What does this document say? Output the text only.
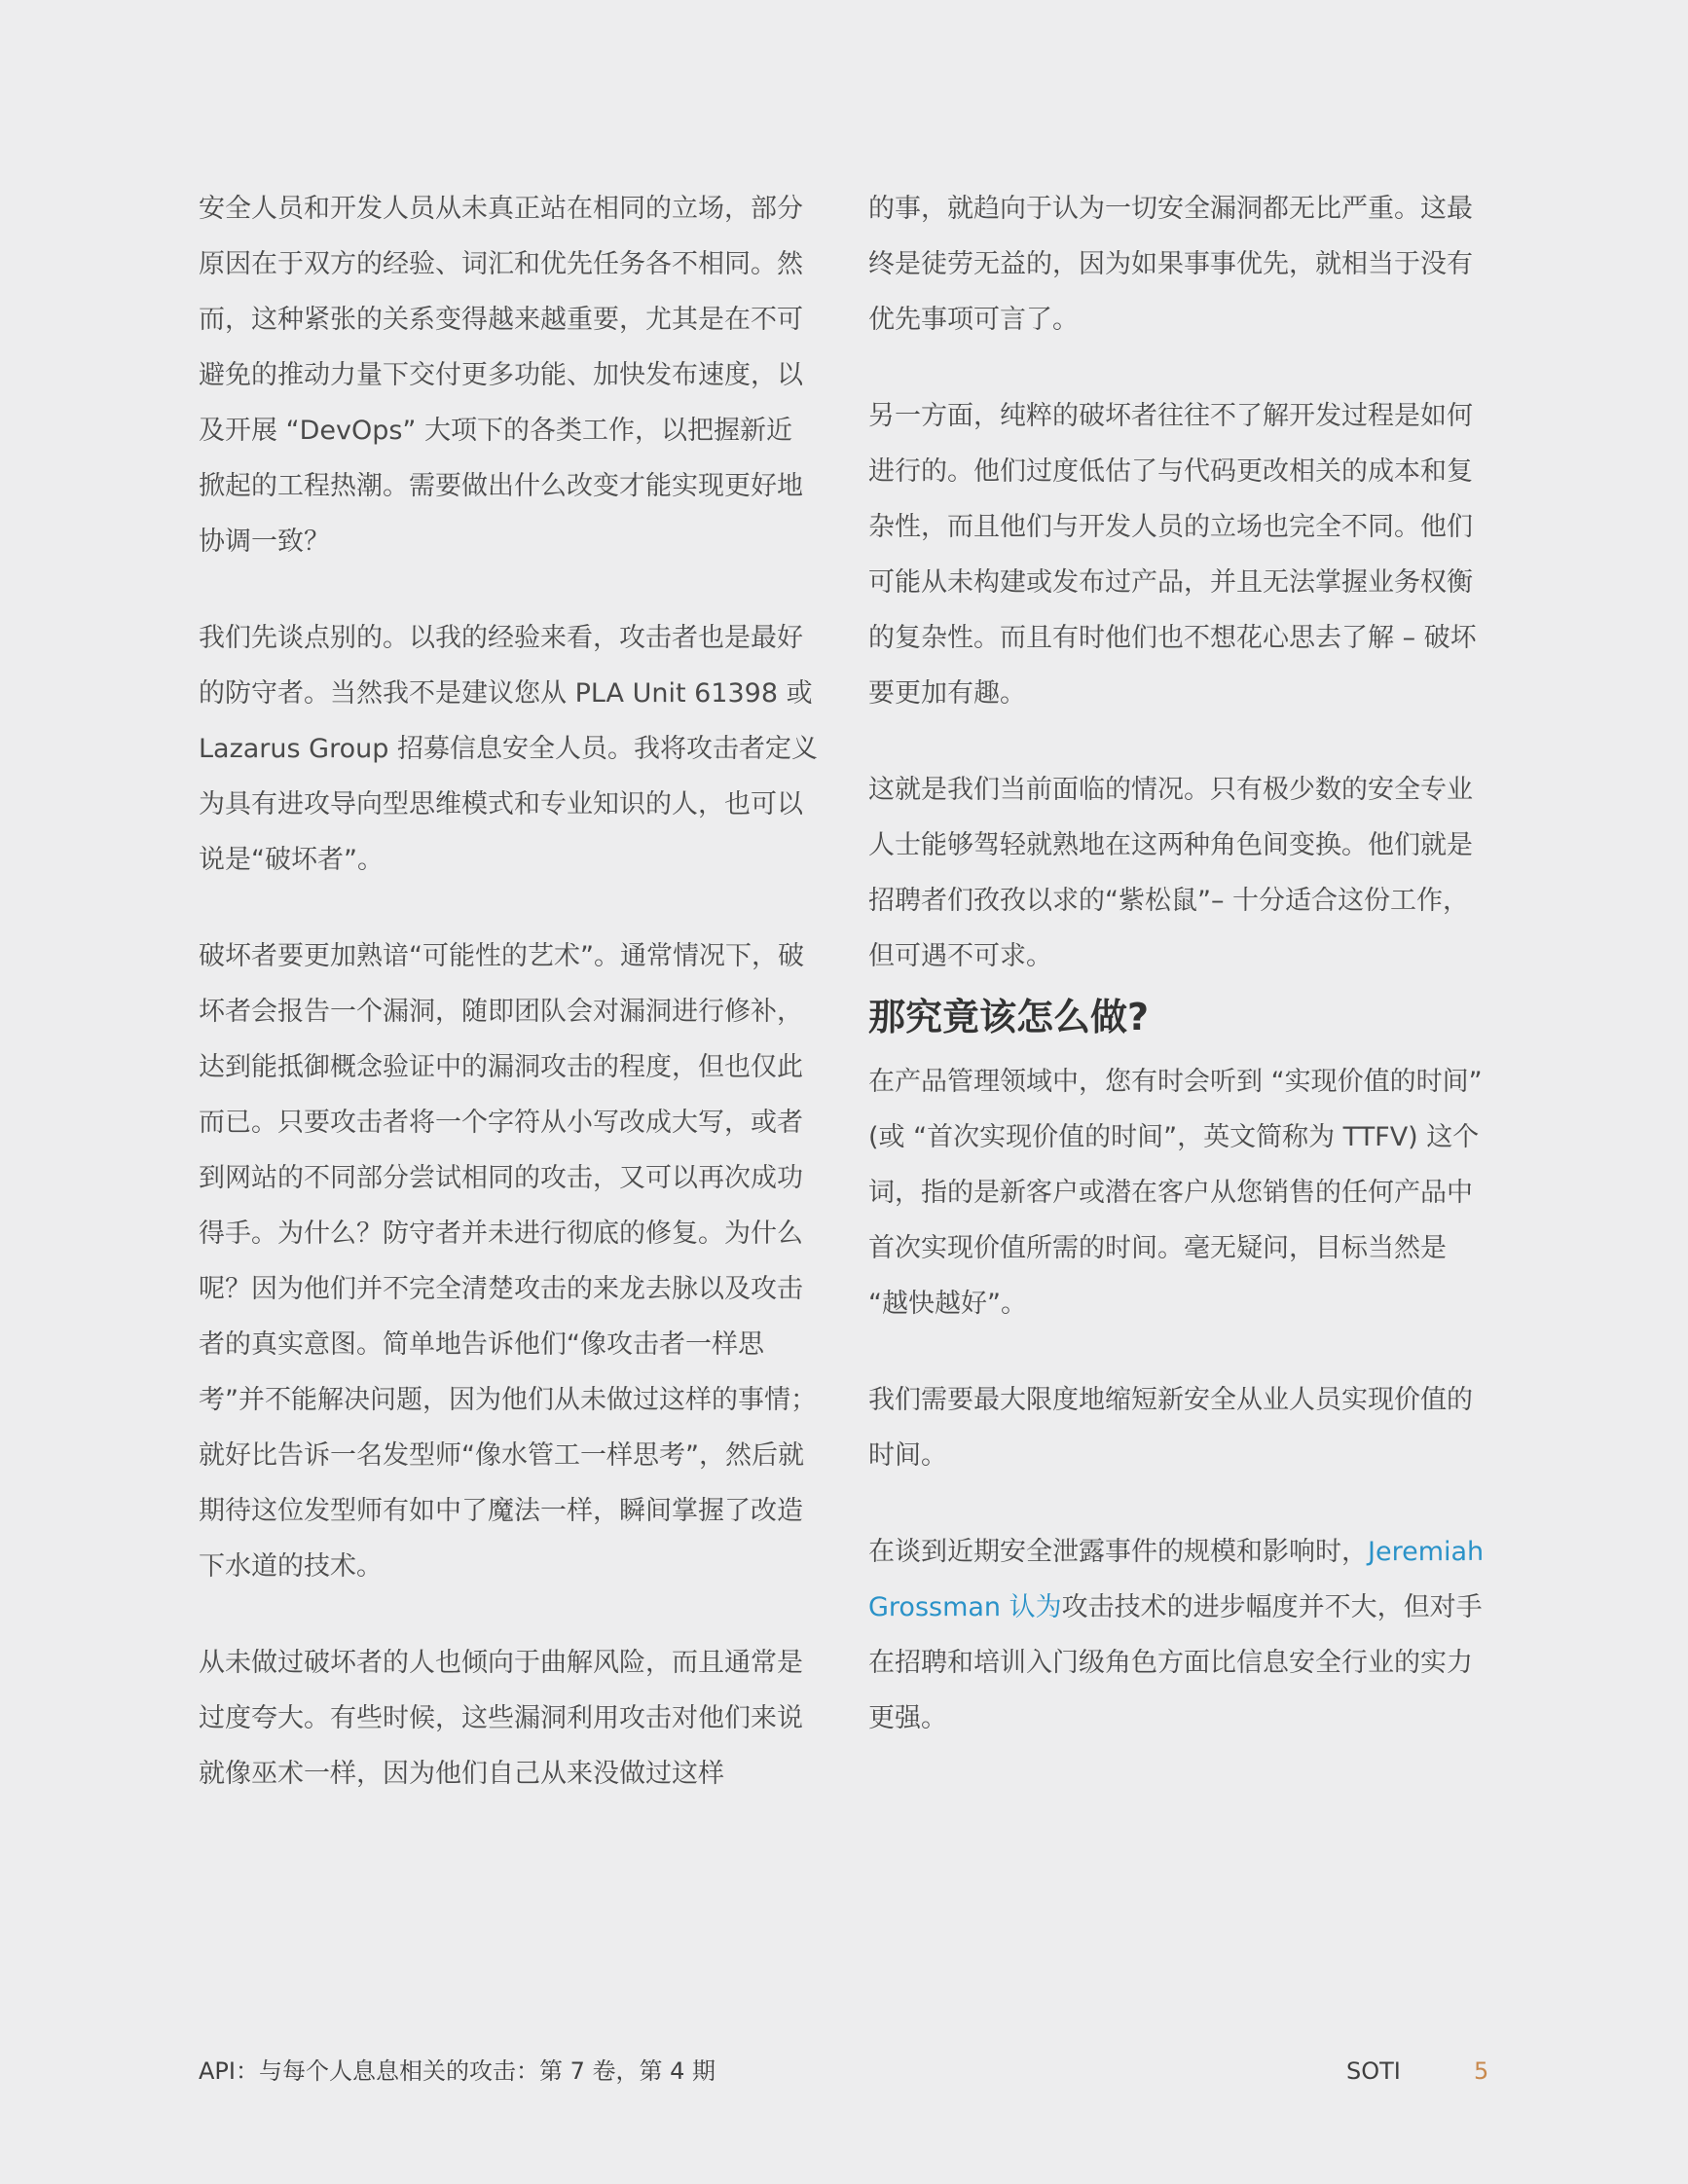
安全人员和开发人员从未真正站在相同的立场，部分原因在于双方的经验、词汇和优先任务各不相同。然而，这种紧张的关系变得越来越重要，尤其是在不可避免的推动力量下交付更多功能、加快发布速度，以及开展 “DevOps” 大项下的各类工作，以把握新近掀起的工程热潮。需要做出什么改变才能实现更好地协调一致？

我们先谈点别的。以我的经验来看，攻击者也是最好的防守者。当然我不是建议您从 PLA Unit 61398 或 Lazarus Group 招募信息安全人员。我将攻击者定义为具有进攻导向型思维模式和专业知识的人，也可以说是“破坏者”。

破坏者要更加熟谙“可能性的艺术”。通常情况下，破坏者会报告一个漏洞，随即团队会对漏洞进行修补，达到能抵御概念验证中的漏洞攻击的程度，但也仅此而已。只要攻击者将一个字符从小写改成大写，或者到网站的不同部分尝试相同的攻击，又可以再次成功得手。为什么？防守者并未进行彻底的修复。为什么呢？因为他们并不完全清楚攻击的来龙去脉以及攻击者的真实意图。简单地告诉他们“像攻击者一样思考”并不能解决问题，因为他们从未做过这样的事情；就好比告诉一名发型师“像水管工一样思考”，然后就期待这位发型师有如中了魔法一样，瞬间掌握了改造下水道的技术。

从未做过破坏者的人也倾向于曲解风险，而且通常是过度夸大。有些时候，这些漏洞利用攻击对他们来说就像巫术一样，因为他们自己从来没做过这样

的事，就趋向于认为一切安全漏洞都无比严重。这最终是徒劳无益的，因为如果事事优先，就相当于没有优先事项可言了。

另一方面，纯粹的破坏者往往不了解开发过程是如何进行的。他们过度低估了与代码更改相关的成本和复杂性，而且他们与开发人员的立场也完全不同。他们可能从未构建或发布过产品，并且无法掌握业务权衡的复杂性。而且有时他们也不想花心思去了解 – 破坏要更加有趣。

这就是我们当前面临的情况。只有极少数的安全专业人士能够驾轻就熟地在这两种角色间变换。他们就是招聘者们孜孜以求的“紫松鼠”– 十分适合这份工作，但可遇不可求。

那究竟该怎么做?

在产品管理领域中，您有时会听到 “实现价值的时间” (或 “首次实现价值的时间”，英文简称为 TTFV) 这个词，指的是新客户或潜在客户从您销售的任何产品中首次实现价值所需的时间。毫无疑问，目标当然是 “越快越好”。

我们需要最大限度地缩短新安全从业人员实现价值的时间。

在谈到近期安全泄露事件的规模和影响时，Jeremiah Grossman 认为攻击技术的进步幅度并不大，但对手在招聘和培训入门级角色方面比信息安全行业的实力更强。

API：与每个人息息相关的攻击：第 7 卷，第 4 期	SOTI	5
